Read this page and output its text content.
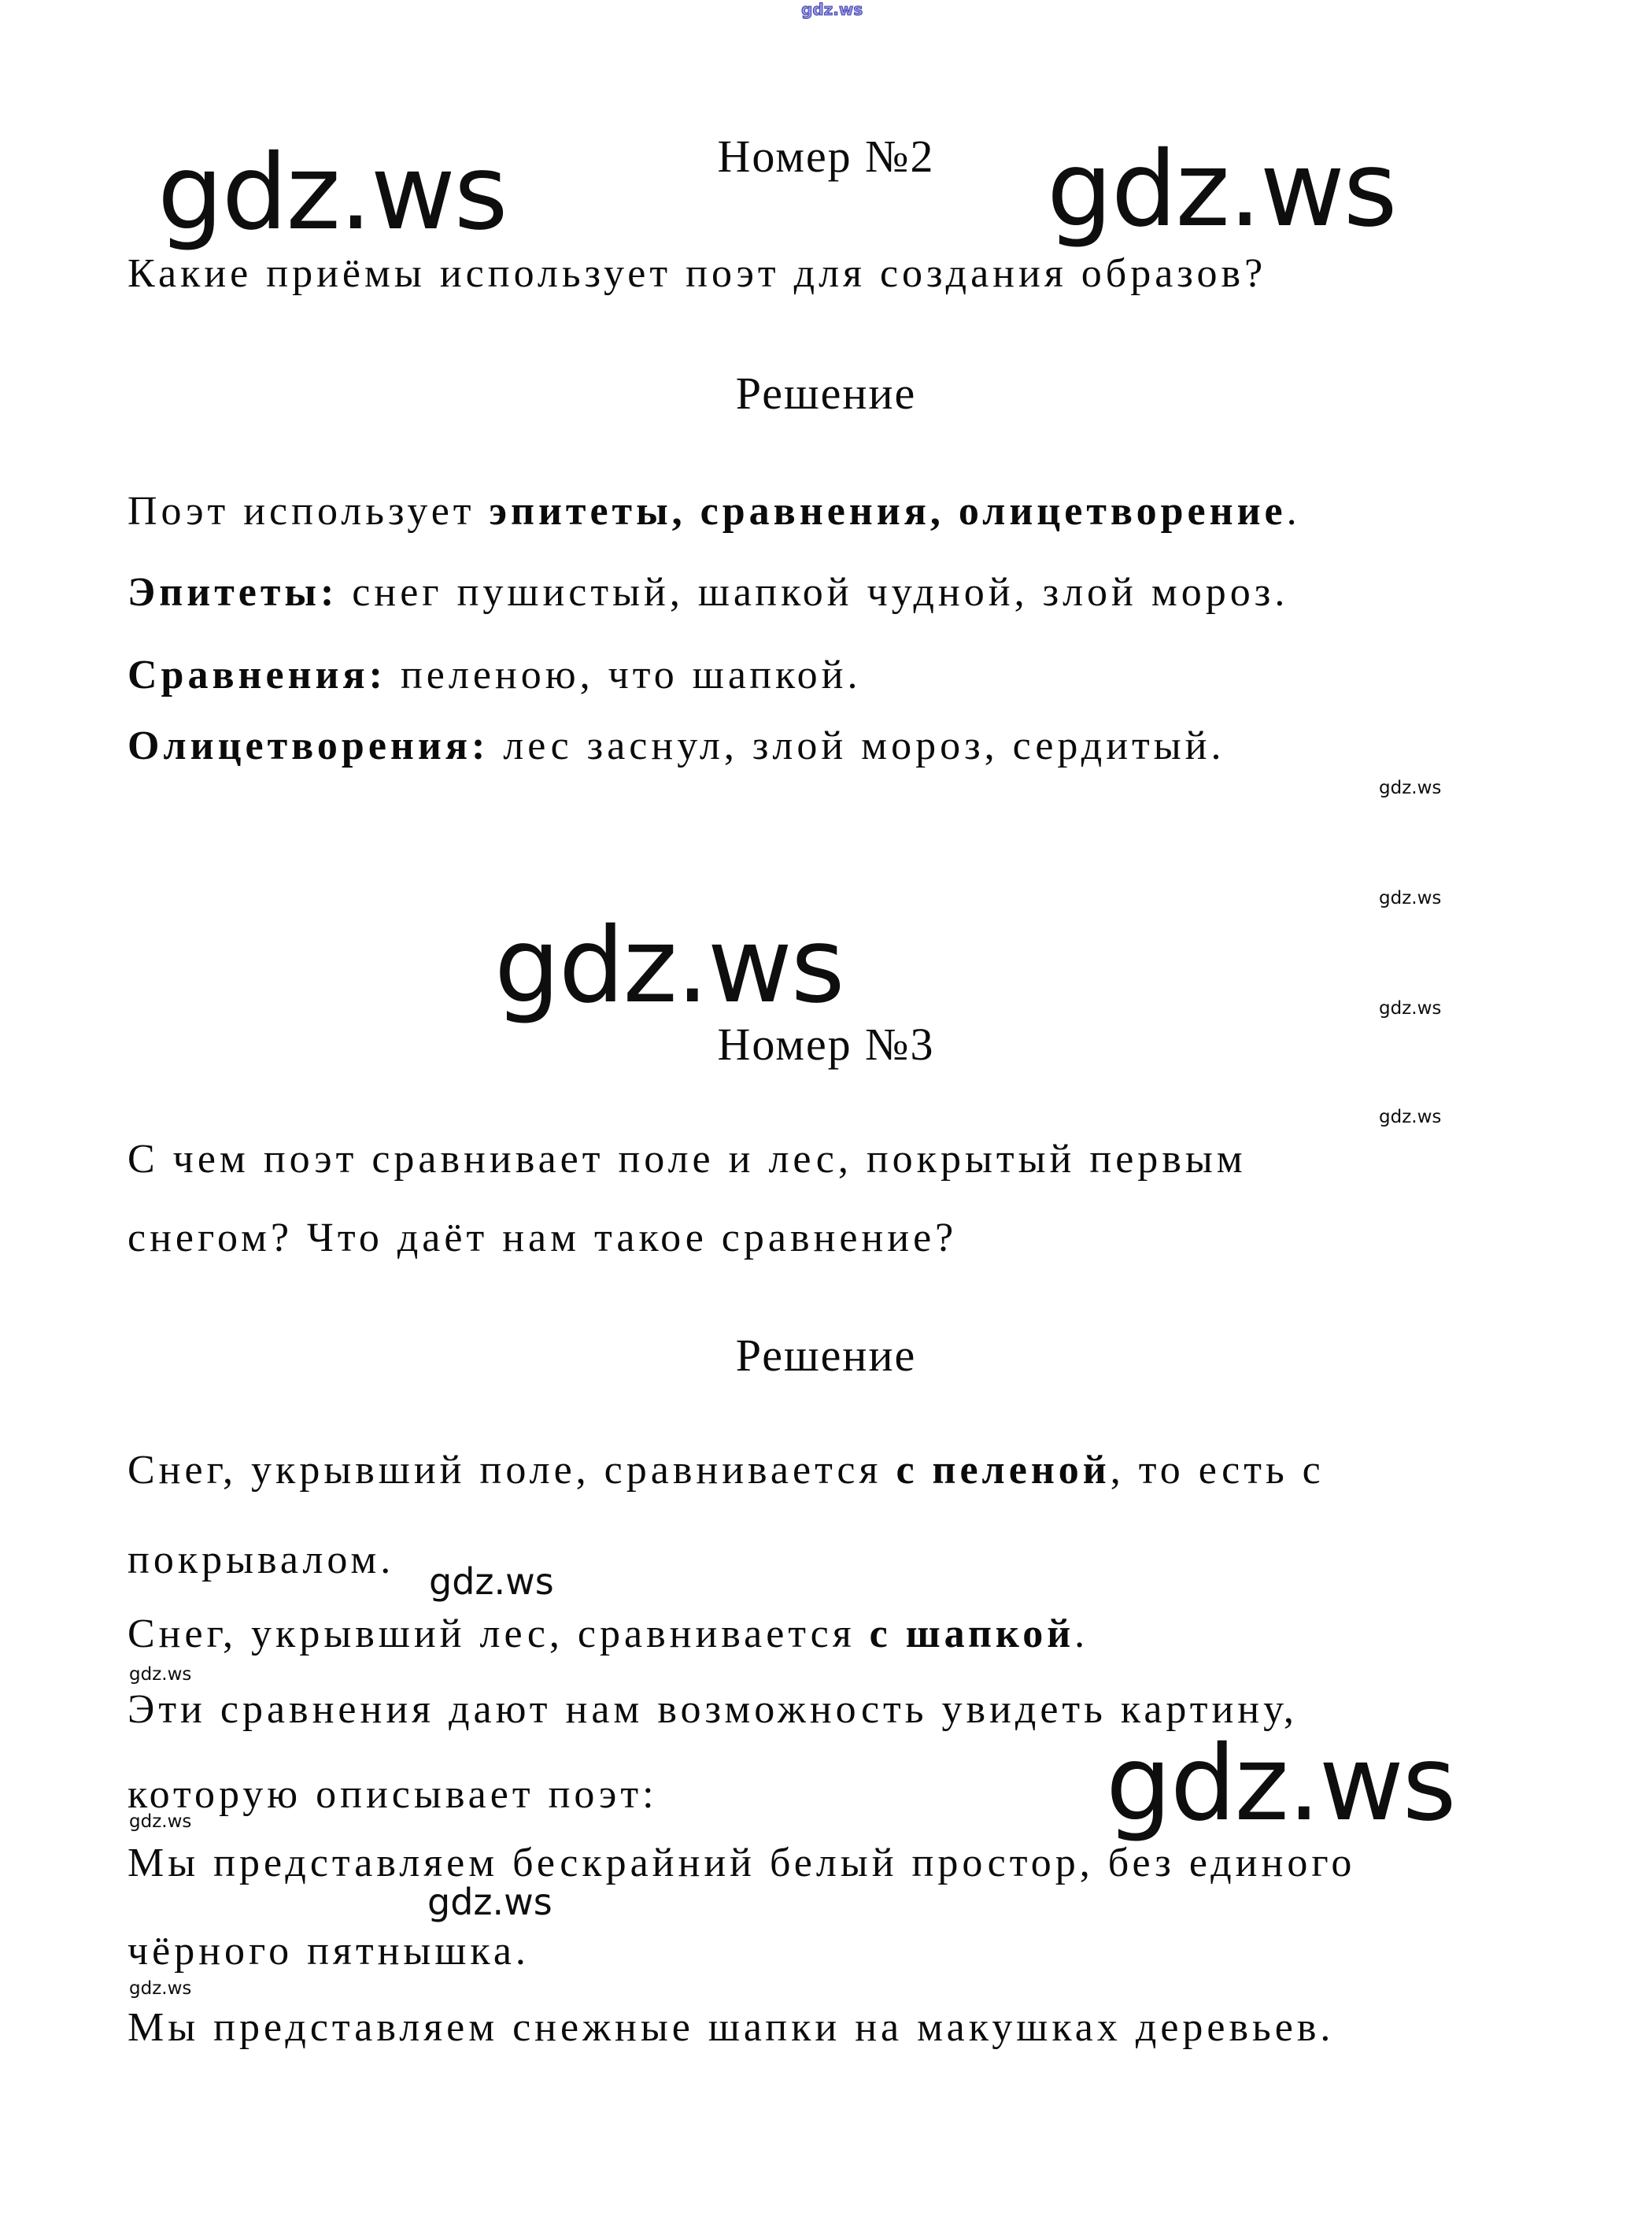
gdz.ws
gdz.ws	gdz.ws
gdz.ws
gdz.ws
gdz.ws
gdz.ws
gdz.ws
gdz.ws
gdz.ws
gdz.ws
gdz.ws
gdz.ws
gdz.ws
Номер №2
Какие приёмы использует поэт для создания образов?
Решение
Поэт использует эпитеты, сравнения, олицетворение.
Эпитеты: снег пушистый, шапкой чудной, злой мороз.
Сравнения: пеленою, что шапкой.
Олицетворения: лес заснул, злой мороз, сердитый.
Номер №3
С чем поэт сравнивает поле и лес, покрытый первым
снегом? Что даёт нам такое сравнение?
Решение
Снег, укрывший поле, сравнивается с пеленой, то есть с
покрывалом.
Снег, укрывший лес, сравнивается с шапкой.
Эти сравнения дают нам возможность увидеть картину,
которую описывает поэт:
Мы представляем бескрайний белый простор, без единого
чёрного пятнышка.
Мы представляем снежные шапки на макушках деревьев.
